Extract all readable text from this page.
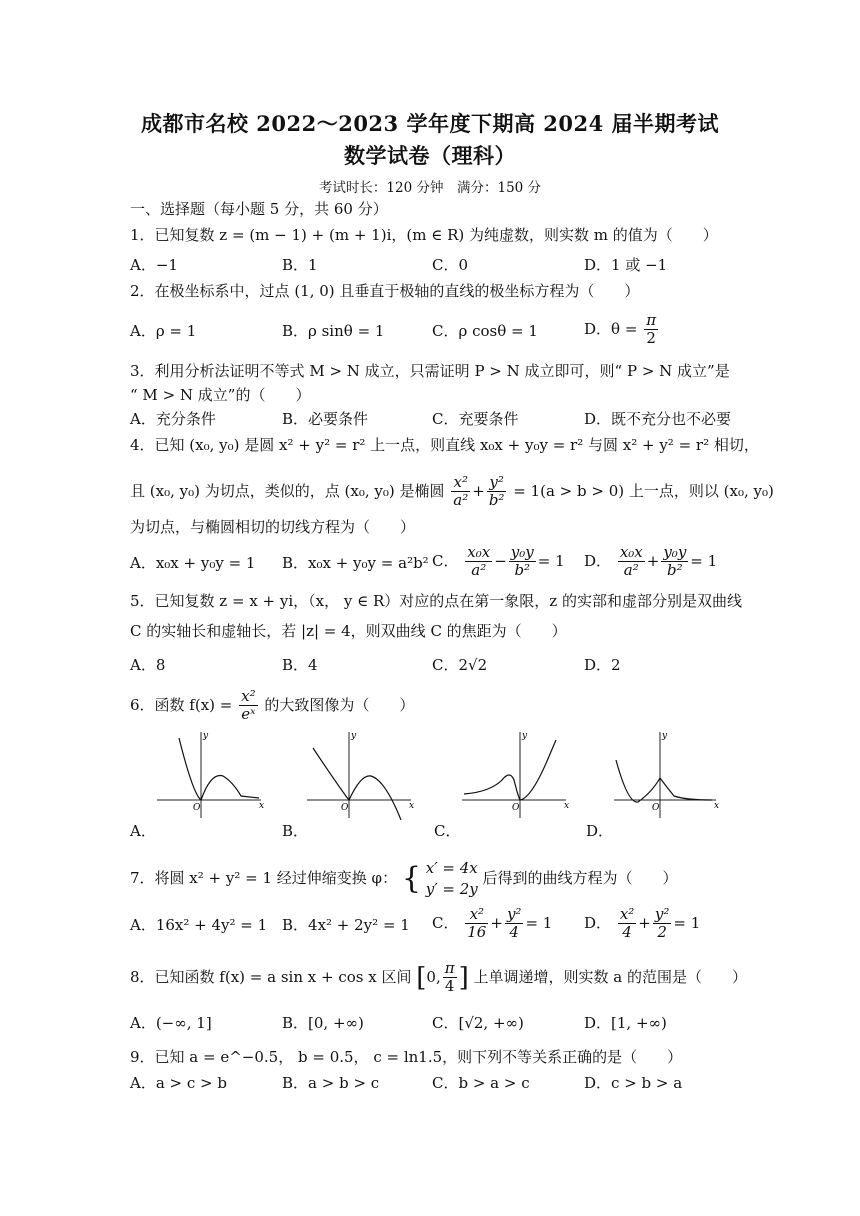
成都市名校 2022～2023 学年度下期高 2024 届半期考试
数学试卷（理科）
考试时长：120 分钟　满分：150 分
一、选择题（每小题 5 分，共 60 分）
1．已知复数 z = (m − 1) + (m + 1)i，(m ∈ R) 为纯虚数，则实数 m 的值为（　　）
A．−1	B．1	C．0	D．1 或 −1
2．在极坐标系中，过点 (1, 0) 且垂直于极轴的直线的极坐标方程为（　　）
A．ρ = 1	B．ρ sinθ = 1	C．ρ cosθ = 1	D．$\theta = \frac{\pi}{2}$
3．利用分析法证明不等式 M > N 成立，只需证明 P > N 成立即可，则“ P > N 成立”是
“ M > N 成立”的（　　）
A．充分条件	B．必要条件	C．充要条件	D．既不充分也不必要
4．已知 (x₀, y₀) 是圆 x² + y² = r² 上一点，则直线 x₀x + y₀y = r² 与圆 x² + y² = r² 相切，
且 (x₀, y₀) 为切点，类似的，点 (x₀, y₀) 是椭圆 $\frac{\text{x²}}{\text{a²}} + \frac{\text{y²}}{\text{b²}} = 1(a > b > 0)$ 上一点，则以 (x₀, y₀)
为切点，与椭圆相切的切线方程为（　　）
A．x₀x + y₀y = 1 B．x₀x + y₀y = a²b² C． $\frac{\text{x₀x}}{\text{a²}} - \frac{\text{y₀y}}{\text{b²}} = 1$ D． $\frac{\text{x₀x}}{\text{a²}} + \frac{\text{y₀y}}{\text{b²}} = 1$
5．已知复数 z = x + yi，（x， y ∈ R）对应的点在第一象限，z 的实部和虚部分别是双曲线
C 的实轴长和虚轴长，若 |z| = 4，则双曲线 C 的焦距为（　　）
A．8	B．4	C．2√2	D．2
6．函数 $f(x) = \frac{\text{x²}}{\text{eˣ}}$ 的大致图像为（　　）
y
x
O
A．
y
x
O
B．
y
x
O
C．
y
x
O
D．
7．将圆 x² + y² = 1 经过伸缩变换 φ： { x′ = 4x
y′ = 2y
后得到的曲线方程为（　　）
A．16x² + 4y² = 1 B．4x² + 2y² = 1 C． $\frac{\text{x²}}{16} + \frac{\text{y²}}{4} = 1$ D． $\frac{\text{x²}}{4} + \frac{\text{y²}}{2} = 1$
8．已知函数 f(x) = a sin x + cos x 区间 [0, $\frac{\pi}{4}$ ] 上单调递增，则实数 a 的范围是（　　）
A．(−∞, 1]	B．[0, +∞)	C．[√2, +∞)	D．[1, +∞)
9．已知 a = e^−0.5， b = 0.5， c = ln1.5，则下列不等关系正确的是（　　）
A．a > c > b	B．a > b > c	C．b > a > c	D．c > b > a
